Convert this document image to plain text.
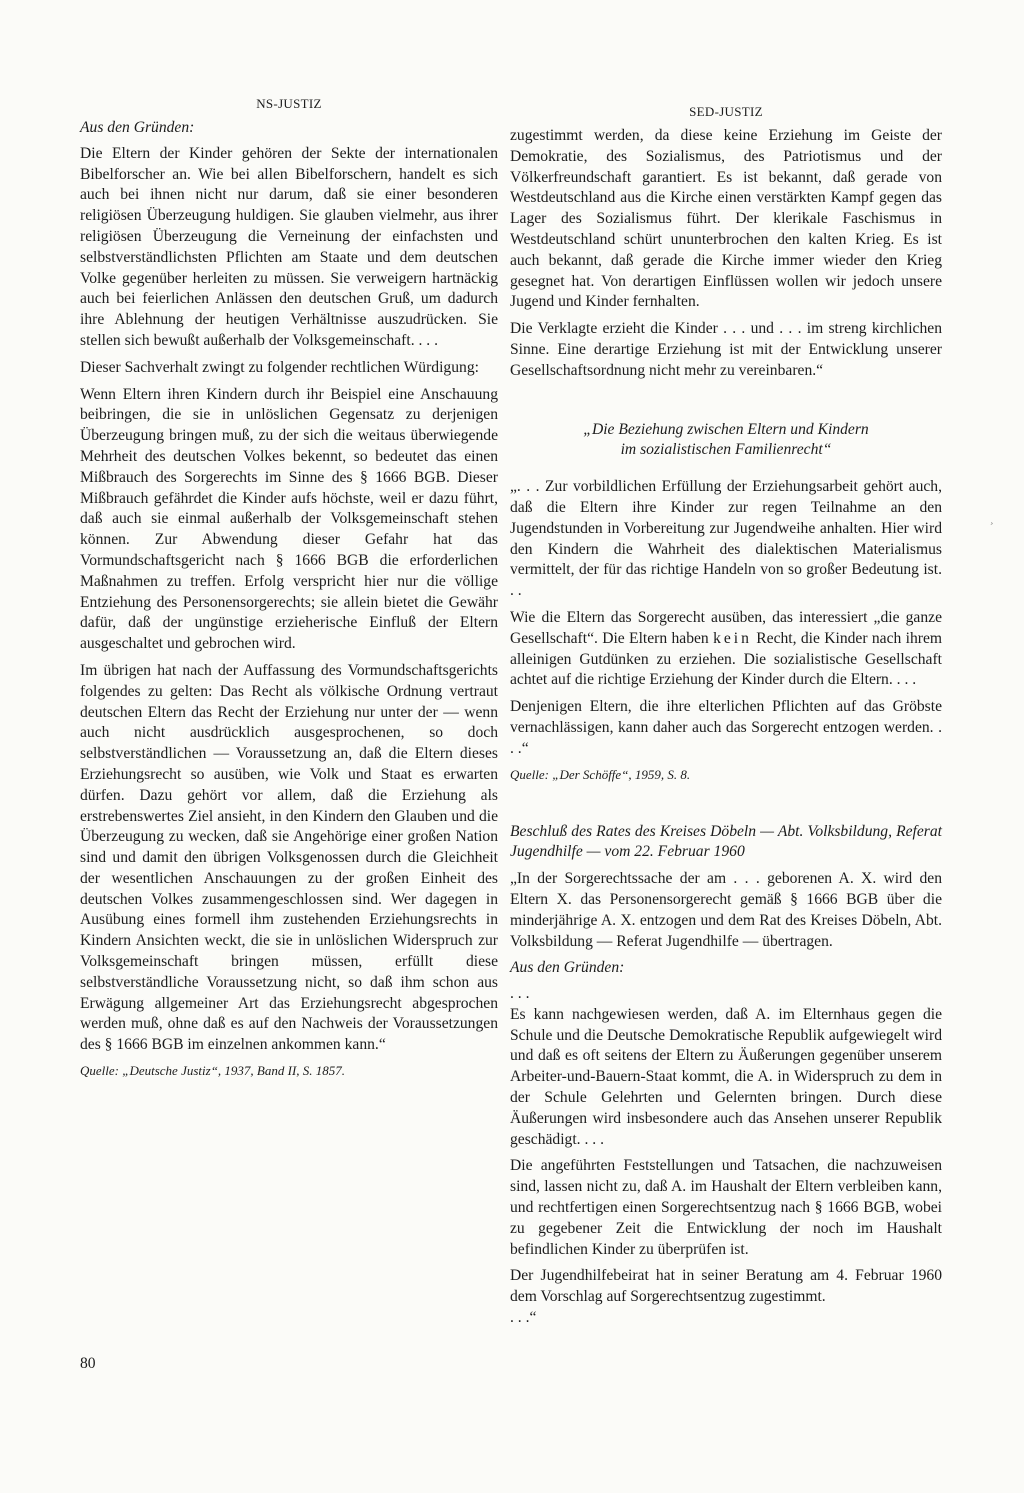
NS-JUSTIZ
Aus den Gründen:

Die Eltern der Kinder gehören der Sekte der internationalen Bibelforscher an. Wie bei allen Bibelforschern, handelt es sich auch bei ihnen nicht nur darum, daß sie einer besonderen religiösen Überzeugung huldigen. Sie glauben vielmehr, aus ihrer religiösen Überzeugung die Verneinung der einfachsten und selbstverständlichsten Pflichten am Staate und dem deutschen Volke gegenüber herleiten zu müssen. Sie verweigern hartnäckig auch bei feierlichen Anlässen den deutschen Gruß, um dadurch ihre Ablehnung der heutigen Verhältnisse auszudrücken. Sie stellen sich bewußt außerhalb der Volksgemeinschaft. . . .

Dieser Sachverhalt zwingt zu folgender rechtlichen Würdigung:

Wenn Eltern ihren Kindern durch ihr Beispiel eine Anschauung beibringen, die sie in unlöslichen Gegensatz zu derjenigen Überzeugung bringen muß, zu der sich die weitaus überwiegende Mehrheit des deutschen Volkes bekennt, so bedeutet das einen Mißbrauch des Sorgerechts im Sinne des § 1666 BGB. Dieser Mißbrauch gefährdet die Kinder aufs höchste, weil er dazu führt, daß auch sie einmal außerhalb der Volksgemeinschaft stehen können. Zur Abwendung dieser Gefahr hat das Vormundschaftsgericht nach § 1666 BGB die erforderlichen Maßnahmen zu treffen. Erfolg verspricht hier nur die völlige Entziehung des Personensorgerechts; sie allein bietet die Gewähr dafür, daß der ungünstige erzieherische Einfluß der Eltern ausgeschaltet und gebrochen wird.

Im übrigen hat nach der Auffassung des Vormundschaftsgerichts folgendes zu gelten: Das Recht als völkische Ordnung vertraut deutschen Eltern das Recht der Erziehung nur unter der — wenn auch nicht ausdrücklich ausgesprochenen, so doch selbstverständlichen — Voraussetzung an, daß die Eltern dieses Erziehungsrecht so ausüben, wie Volk und Staat es erwarten dürfen. Dazu gehört vor allem, daß die Erziehung als erstrebenswertes Ziel ansieht, in den Kindern den Glauben und die Überzeugung zu wecken, daß sie Angehörige einer großen Nation sind und damit den übrigen Volksgenossen durch die Gleichheit der wesentlichen Anschauungen zu der großen Einheit des deutschen Volkes zusammengeschlossen sind. Wer dagegen in Ausübung eines formell ihm zustehenden Erziehungsrechts in Kindern Ansichten weckt, die sie in unlöslichen Widerspruch zur Volksgemeinschaft bringen müssen, erfüllt diese selbstverständliche Voraussetzung nicht, so daß ihm schon aus Erwägung allgemeiner Art das Erziehungsrecht abgesprochen werden muß, ohne daß es auf den Nachweis der Voraussetzungen des § 1666 BGB im einzelnen ankommen kann.“

Quelle: „Deutsche Justiz“, 1937, Band II, S. 1857.
SED-JUSTIZ

zugestimmt werden, da diese keine Erziehung im Geiste der Demokratie, des Sozialismus, des Patriotismus und der Völkerfreundschaft garantiert. Es ist bekannt, daß gerade von Westdeutschland aus die Kirche einen verstärkten Kampf gegen das Lager des Sozialismus führt. Der klerikale Faschismus in Westdeutschland schürt ununterbrochen den kalten Krieg. Es ist auch bekannt, daß gerade die Kirche immer wieder den Krieg gesegnet hat. Von derartigen Einflüssen wollen wir jedoch unsere Jugend und Kinder fernhalten.

Die Verklagte erzieht die Kinder . . . und . . . im streng kirchlichen Sinne. Eine derartige Erziehung ist mit der Entwicklung unserer Gesellschaftsordnung nicht mehr zu vereinbaren.“

„Die Beziehung zwischen Eltern und Kindern
im sozialistischen Familienrecht“

„. . . Zur vorbildlichen Erfüllung der Erziehungsarbeit gehört auch, daß die Eltern ihre Kinder zur regen Teilnahme an den Jugendstunden in Vorbereitung zur Jugendweihe anhalten. Hier wird den Kindern die Wahrheit des dialektischen Materialismus vermittelt, der für das richtige Handeln von so großer Bedeutung ist. . .

Wie die Eltern das Sorgerecht ausüben, das interessiert „die ganze Gesellschaft“. Die Eltern haben kein Recht, die Kinder nach ihrem alleinigen Gutdünken zu erziehen. Die sozialistische Gesellschaft achtet auf die richtige Erziehung der Kinder durch die Eltern. . . .

Denjenigen Eltern, die ihre elterlichen Pflichten auf das Gröbste vernachlässigen, kann daher auch das Sorgerecht entzogen werden. . . .“

Quelle: „Der Schöffe“, 1959, S. 8.
Beschluß des Rates des Kreises Döbeln — Abt. Volksbildung, Referat Jugendhilfe — vom 22. Februar 1960

„In der Sorgerechtssache der am . . . geborenen A. X. wird den Eltern X. das Personensorgerecht gemäß § 1666 BGB über die minderjährige A. X. entzogen und dem Rat des Kreises Döbeln, Abt. Volksbildung — Referat Jugendhilfe — übertragen.

Aus den Gründen:

. . .

Es kann nachgewiesen werden, daß A. im Elternhaus gegen die Schule und die Deutsche Demokratische Republik aufgewiegelt wird und daß es oft seitens der Eltern zu Äußerungen gegenüber unserem Arbeiter-und-Bauern-Staat kommt, die A. in Widerspruch zu dem in der Schule Gelehrten und Gelernten bringen. Durch diese Äußerungen wird insbesondere auch das Ansehen unserer Republik geschädigt. . . .

Die angeführten Feststellungen und Tatsachen, die nachzuweisen sind, lassen nicht zu, daß A. im Haushalt der Eltern verbleiben kann, und rechtfertigen einen Sorgerechtsentzug nach § 1666 BGB, wobei zu gegebener Zeit die Entwicklung der noch im Haushalt befindlichen Kinder zu überprüfen ist.

Der Jugendhilfebeirat hat in seiner Beratung am 4. Februar 1960 dem Vorschlag auf Sorgerechtsentzug zugestimmt.

. . .“

¸
80
